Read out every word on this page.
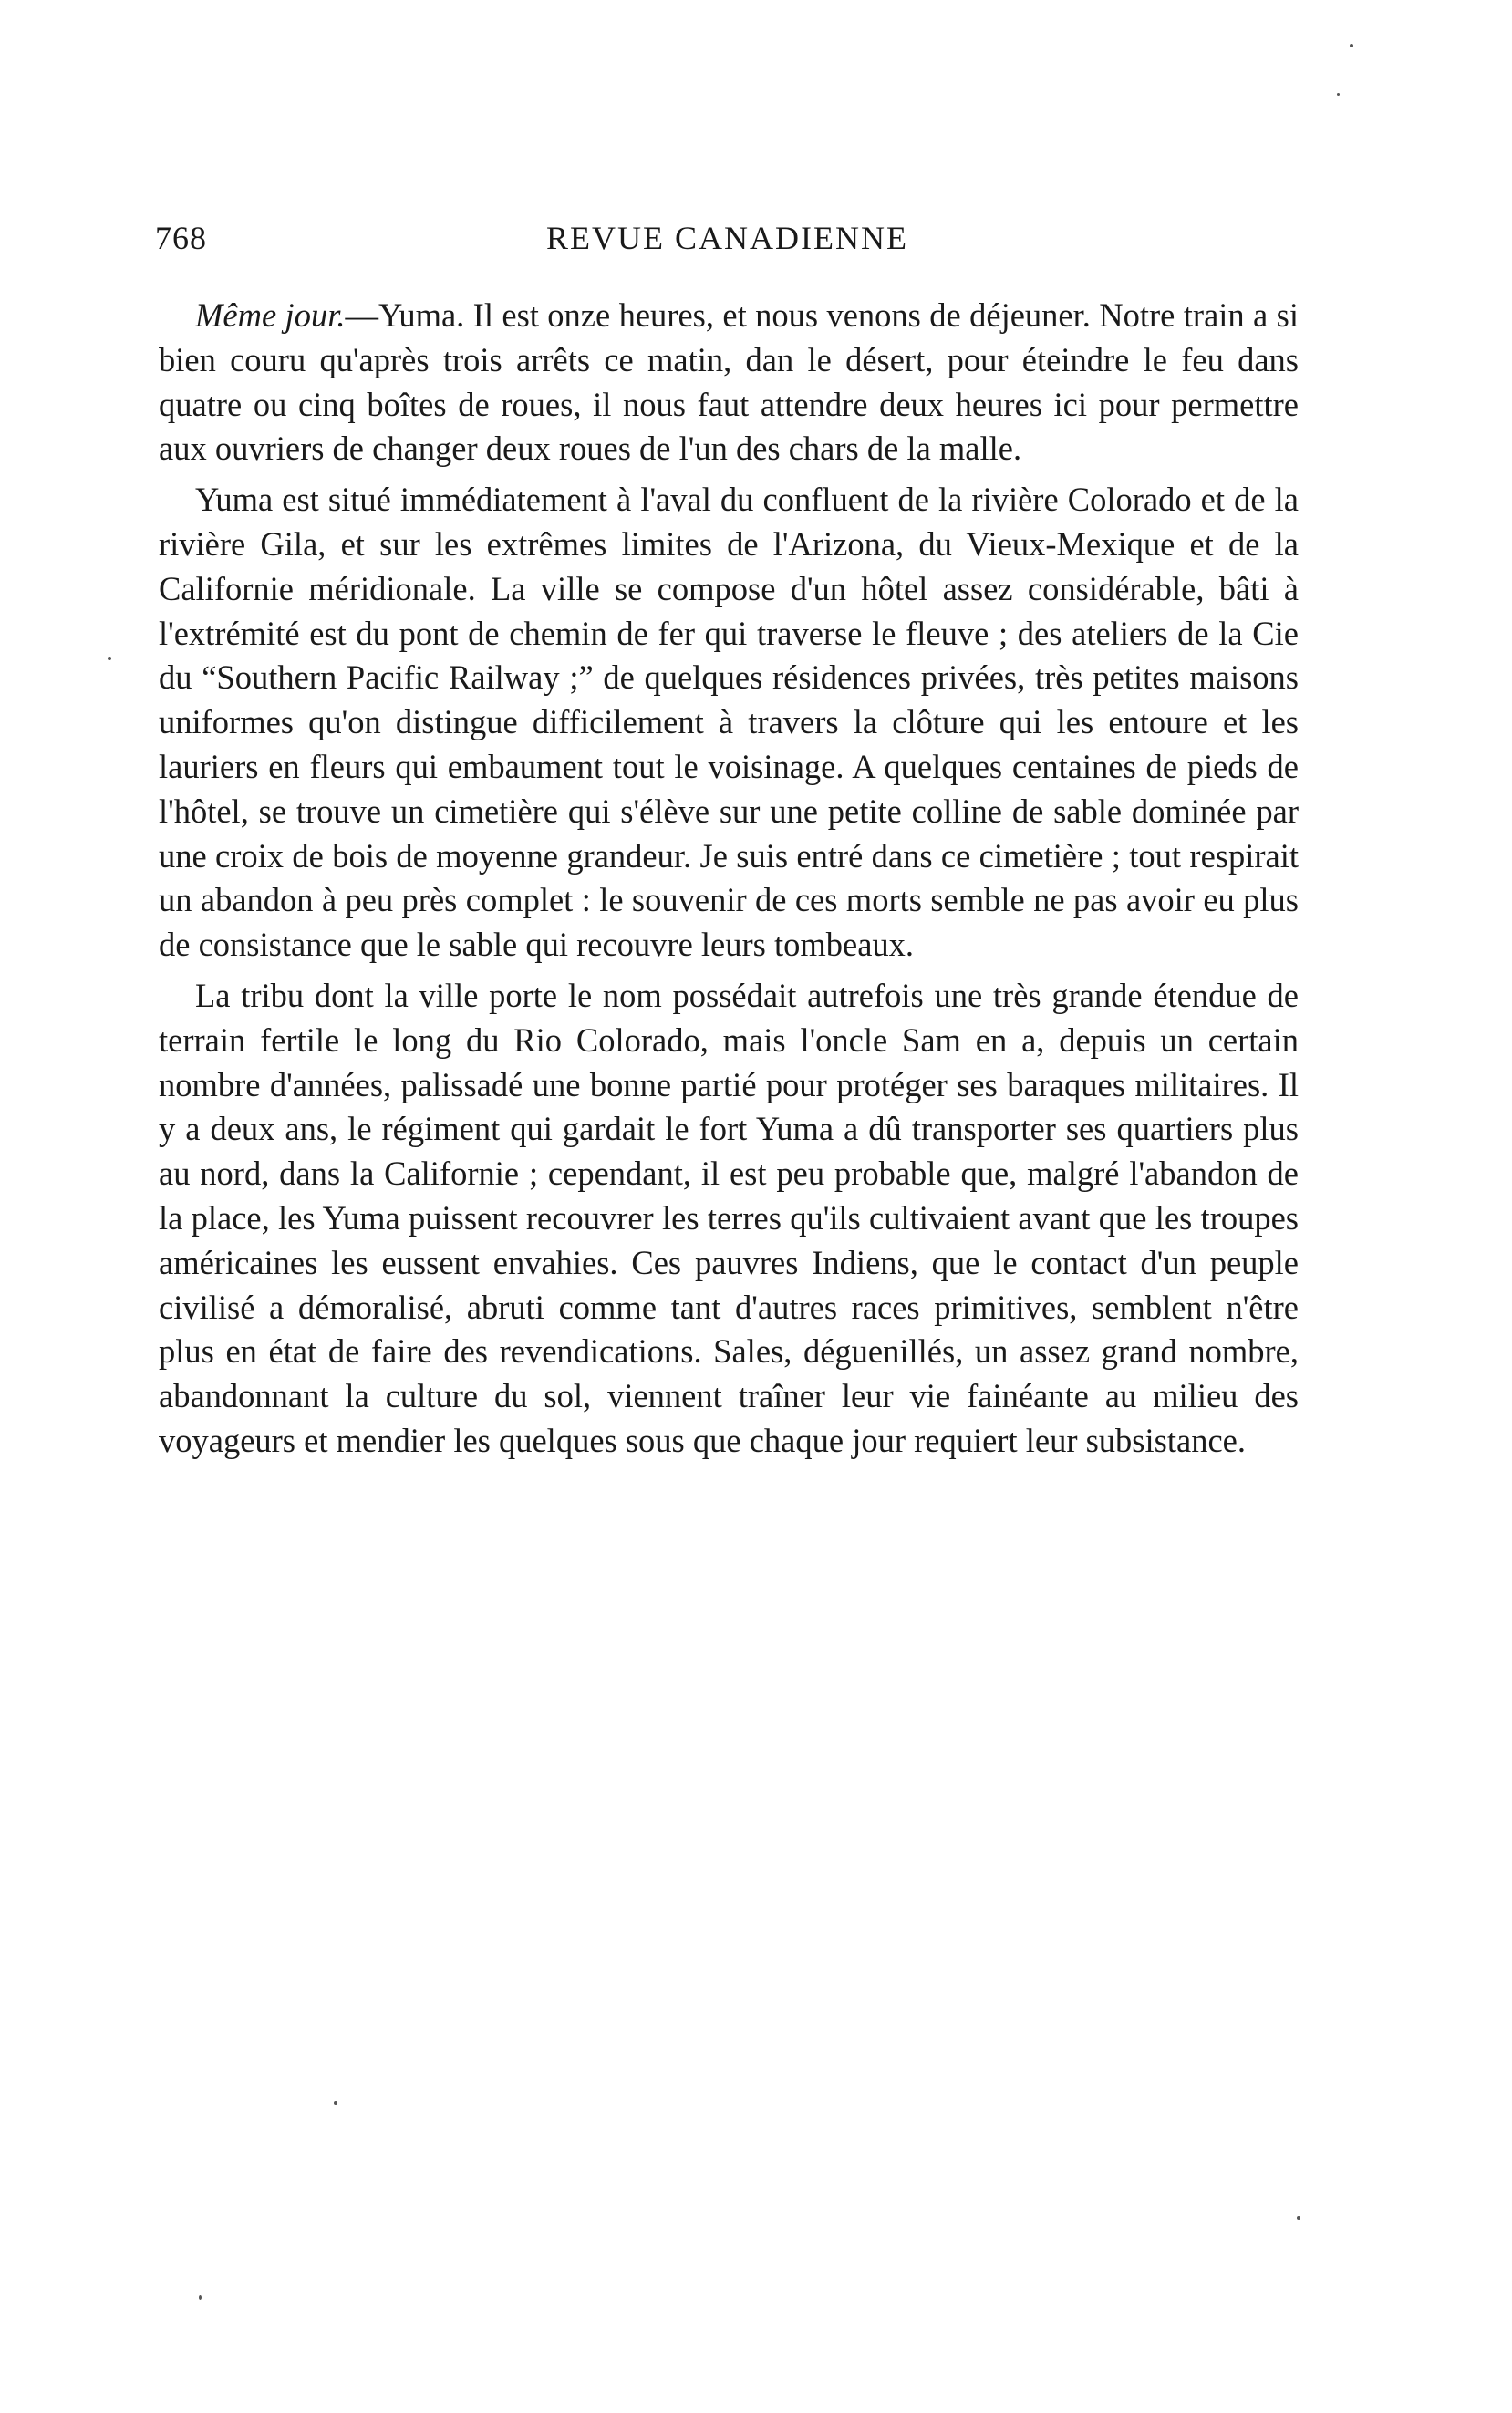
768	REVUE CANADIENNE

Même jour.—Yuma. Il est onze heures, et nous venons de déjeuner. Notre train a si bien couru qu'après trois arrêts ce matin, dan le désert, pour éteindre le feu dans quatre ou cinq boîtes de roues, il nous faut attendre deux heures ici pour permettre aux ouvriers de changer deux roues de l'un des chars de la malle.

Yuma est situé immédiatement à l'aval du confluent de la rivière Colorado et de la rivière Gila, et sur les extrêmes limites de l'Arizona, du Vieux-Mexique et de la Californie méridionale. La ville se compose d'un hôtel assez considérable, bâti à l'extrémité est du pont de chemin de fer qui traverse le fleuve ; des ateliers de la Cie du “Southern Pacific Railway ;” de quelques résidences privées, très petites maisons uniformes qu'on distingue difficilement à travers la clôture qui les entoure et les lauriers en fleurs qui embaument tout le voisinage. A quelques centaines de pieds de l'hôtel, se trouve un cimetière qui s'élève sur une petite colline de sable dominée par une croix de bois de moyenne grandeur. Je suis entré dans ce cimetière ; tout respirait un abandon à peu près complet : le souvenir de ces morts semble ne pas avoir eu plus de consistance que le sable qui recouvre leurs tombeaux.

La tribu dont la ville porte le nom possédait autrefois une très grande étendue de terrain fertile le long du Rio Colorado, mais l'oncle Sam en a, depuis un certain nombre d'années, palissadé une bonne partié pour protéger ses baraques militaires. Il y a deux ans, le régiment qui gardait le fort Yuma a dû transporter ses quartiers plus au nord, dans la Californie ; cependant, il est peu probable que, malgré l'abandon de la place, les Yuma puissent recouvrer les terres qu'ils cultivaient avant que les troupes américaines les eussent envahies. Ces pauvres Indiens, que le contact d'un peuple civilisé a démoralisé, abruti comme tant d'autres races primitives, semblent n'être plus en état de faire des revendications. Sales, déguenillés, un assez grand nombre, abandonnant la culture du sol, viennent traîner leur vie fainéante au milieu des voyageurs et mendier les quelques sous que chaque jour requiert leur subsistance.
